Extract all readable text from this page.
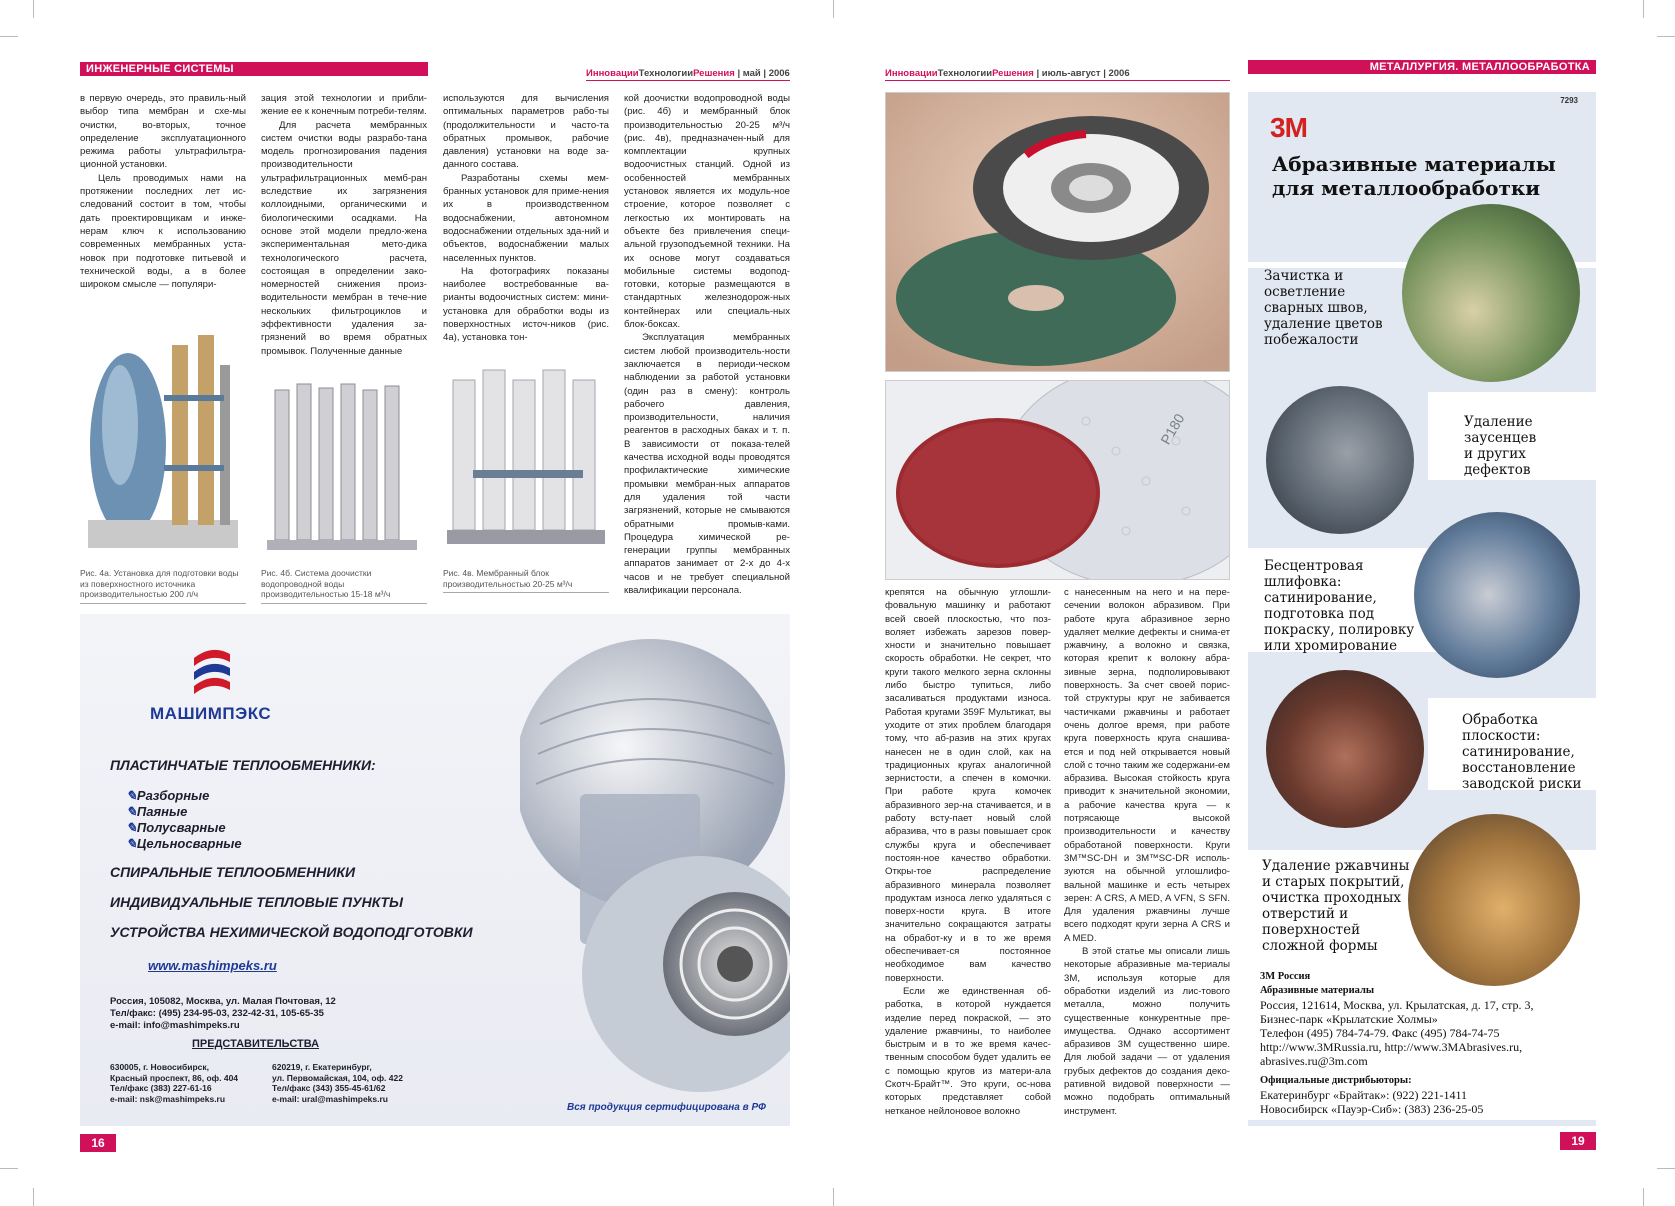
ИНЖЕНЕРНЫЕ СИСТЕМЫ	ИнновацииТехнологииРешения | май | 2006

в первую очередь, это правиль-ный выбор типа мембран и схе-мы очистки, во-вторых, точное определение эксплуатационного режима работы ультрафильтра-ционной установки.

Цель проводимых нами на протяжении последних лет ис-следований состоит в том, чтобы дать проектировщикам и инже-нерам ключ к использованию современных мембранных уста-новок при подготовке питьевой и технической воды, а в более широком смысле — популяри-

зация этой технологии и прибли-жение ее к конечным потреби-телям.

Для расчета мембранных систем очистки воды разрабо-тана модель прогнозирования падения производительности ультрафильтрационных мемб-ран вследствие их загрязнения коллоидными, органическими и биологическими осадками. На основе этой модели предло-жена экспериментальная мето-дика технологического расчета, состоящая в определении зако-номерностей снижения произ-водительности мембран в тече-ние нескольких фильтроциклов и эффективности удаления за-грязнений во время обратных промывок. Полученные данные

используются для вычисления оптимальных параметров рабо-ты (продолжительности и часто-та обратных промывок, рабочие давления) установки на воде за-данного состава.

Разработаны схемы мем-бранных установок для приме-нения их в производственном водоснабжении, автономном водоснабжении отдельных зда-ний и объектов, водоснабжении малых населенных пунктов.

На фотографиях показаны наиболее востребованные ва-рианты водоочистных систем: мини-установка для обработки воды из поверхностных источ-ников (рис. 4а), установка тон-

кой доочистки водопроводной воды (рис. 4б) и мембранный блок производительностью 20-25 м³/ч (рис. 4в), предназначен-ный для комплектации крупных водоочистных станций. Одной из особенностей мембранных установок является их модуль-ное строение, которое позволяет с легкостью их монтировать на объекте без привлечения специ-альной грузоподъемной техники. На их основе могут создаваться мобильные системы водопод-готовки, которые размещаются в стандартных железнодорож-ных контейнерах или специаль-ных блок-боксах.

Эксплуатация мембранных систем любой производитель-ности заключается в периоди-ческом наблюдении за работой установки (один раз в смену): контроль рабочего давления, производительности, наличия реагентов в расходных баках и т. п. В зависимости от показа-телей качества исходной воды проводятся профилактические химические промывки мембран-ных аппаратов для удаления той части загрязнений, которые не смываются обратными промыв-ками. Процедура химической ре-генерации группы мембранных аппаратов занимает от 2-х до 4-х часов и не требует специальной квалификации персонала.

Рис. 4а. Установка для подготовки воды из поверхностного источника производительностью 200 л/ч
Рис. 4б. Система доочистки водопроводной воды производительностью 15-18 м³/ч
Рис. 4в. Мембранный блок производительностью 20-25 м³/ч
МАШИМПЭКС
ПЛАСТИНЧАТЫЕ ТЕПЛООБМЕННИКИ:
✎Разборные
✎Паяные
✎Полусварные
✎Цельносварные
СПИРАЛЬНЫЕ ТЕПЛООБМЕННИКИ
ИНДИВИДУАЛЬНЫЕ ТЕПЛОВЫЕ ПУНКТЫ
УСТРОЙСТВА НЕХИМИЧЕСКОЙ ВОДОПОДГОТОВКИ
www.mashimpeks.ru
Россия, 105082, Москва, ул. Малая Почтовая, 12
Тел/факс: (495) 234-95-03, 232-42-31, 105-65-35
e-mail: info@mashimpeks.ru
ПРЕДСТАВИТЕЛЬСТВА
630005, г. Новосибирск,
Красный проспект, 86, оф. 404
Тел/факс (383) 227-61-16
e-mail: nsk@mashimpeks.ru
620219, г. Екатеринбург,
ул. Первомайская, 104, оф. 422
Тел/факс (343) 355-45-61/62
e-mail: ural@mashimpeks.ru
Вся продукция сертифицирована в РФ
16
ИнновацииТехнологииРешения | июль-август | 2006
МЕТАЛЛУРГИЯ. МЕТАЛЛООБРАБОТКА
P180

крепятся на обычную углошли-фовальную машинку и работают всей своей плоскостью, что поз-воляет избежать зарезов повер-хности и значительно повышает скорость обработки. Не секрет, что круги такого мелкого зерна склонны либо быстро тупиться, либо засаливаться продуктами износа. Работая кругами 359F Мультикат, вы уходите от этих проблем благодаря тому, что аб-разив на этих кругах нанесен не в один слой, как на традиционных кругах аналогичной зернистости, а спечен в комочки. При работе круга комочек абразивного зер-на стачивается, и в работу всту-пает новый слой абразива, что в разы повышает срок службы круга и обеспечивает постоян-ное качество обработки. Откры-тое распределение абразивного минерала позволяет продуктам износа легко удаляться с поверх-ности круга. В итоге значительно сокращаются затраты на обработ-ку и в то же время обеспечивает-ся постоянное необходимое вам качество поверхности.

Если же единственная об-работка, в которой нуждается изделие перед покраской, — это удаление ржавчины, то наиболее быстрым и в то же время качес-твенным способом будет удалить ее с помощью кругов из матери-ала Скотч-Брайт™. Это круги, ос-нова которых представляет собой нетканое нейлоновое волокно

с нанесенным на него и на пере-сечении волокон абразивом. При работе круга абразивное зерно удаляет мелкие дефекты и снима-ет ржавчину, а волокно и связка, которая крепит к волокну абра-зивные зерна, подполировывают поверхность. За счет своей порис-той структуры круг не забивается частичками ржавчины и работает очень долгое время, при работе круга поверхность круга снашива-ется и под ней открывается новый слой с точно таким же содержани-ем абразива. Высокая стойкость круга приводит к значительной экономии, а рабочие качества круга — к потрясающе высокой производительности и качеству обработаной поверхности. Круги 3M™SC-DH и 3M™SC-DR исполь-зуются на обычной углошлифо-вальной машинке и есть четырех зерен: A CRS, A MED, A VFN, S SFN. Для удаления ржавчины лучше всего подходят круги зерна A CRS и A MED.

В этой статье мы описали лишь некоторые абразивные ма-териалы 3M, используя которые для обработки изделий из лис-тового металла, можно получить существенные конкурентные пре-имущества. Однако ассортимент абразивов 3M существенно шире. Для любой задачи — от удаления грубых дефектов до создания деко-ративной видовой поверхности — можно подобрать оптимальный инструмент.

7293
3M
Абразивные материалы
для металлообработки
Зачистка и
осветление
сварных швов,
удаление цветов
побежалости
Удаление
заусенцев
и других
дефектов
Бесцентровая
шлифовка:
сатинирование,
подготовка под
покраску, полировку
или хромирование
Обработка
плоскости:
сатинирование,
восстановление
заводской риски
Удаление ржавчины
и старых покрытий,
очистка проходных
отверстий и
поверхностей
сложной формы
3M Россия
Абразивные материалы
Россия, 121614, Москва, ул. Крылатская, д. 17, стр. 3,
Бизнес-парк «Крылатские Холмы»
Телефон (495) 784-74-79. Факс (495) 784-74-75
http://www.3MRussia.ru, http://www.3MAbrasives.ru,
abrasives.ru@3m.com
Официальные дистрибьюторы:
Екатеринбург «Брайтак»: (922) 221-1411
Новосибирск «Пауэр-Сиб»: (383) 236-25-05
19
